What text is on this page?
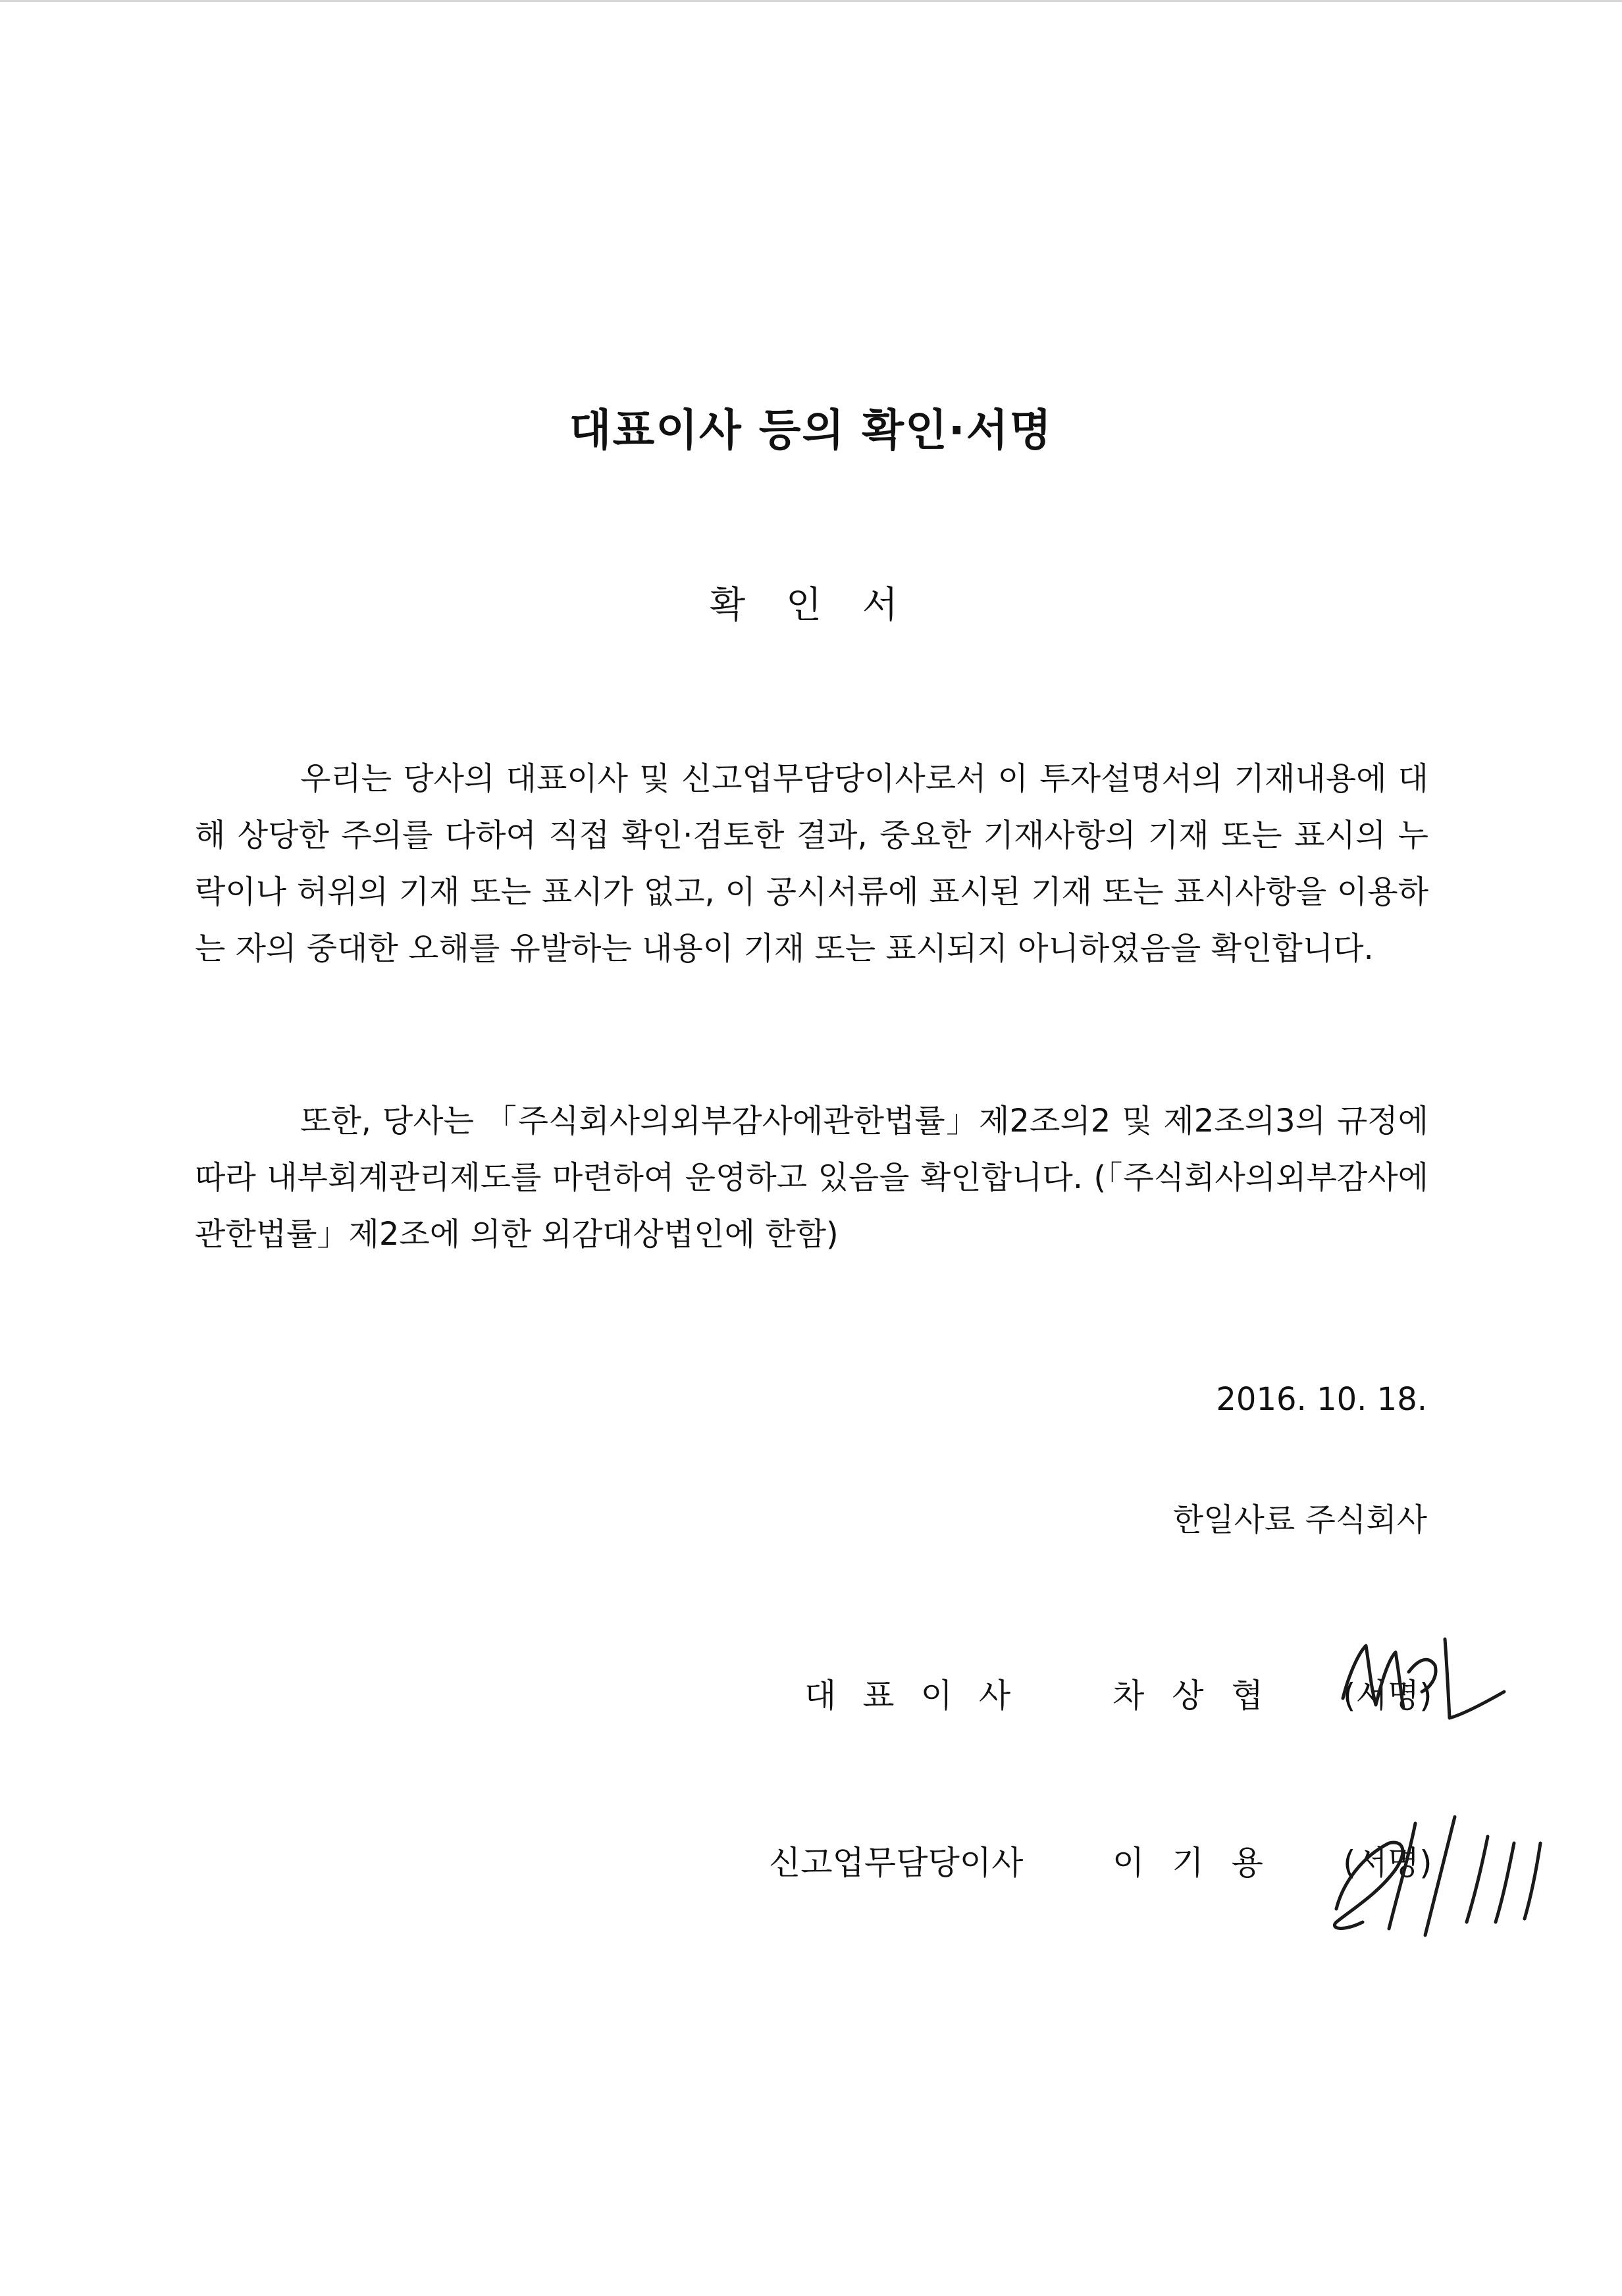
대표이사 등의 확인·서명
확 인 서

우리는 당사의 대표이사 및 신고업무담당이사로서 이 투자설명서의 기재내용에 대해 상당한 주의를 다하여 직접 확인·검토한 결과, 중요한 기재사항의 기재 또는 표시의 누락이나 허위의 기재 또는 표시가 없고, 이 공시서류에 표시된 기재 또는 표시사항을 이용하는 자의 중대한 오해를 유발하는 내용이 기재 또는 표시되지 아니하였음을 확인합니다.

또한, 당사는 「주식회사의외부감사에관한법률」제2조의2 및 제2조의3의 규정에 따라 내부회계관리제도를 마련하여 운영하고 있음을 확인합니다. (「주식회사의외부감사에관한법률」제2조에 의한 외감대상법인에 한함)

2016. 10. 18.
한일사료 주식회사
대표이사 차상협 (서명)
신고업무담당이사	이기용 (서명)
